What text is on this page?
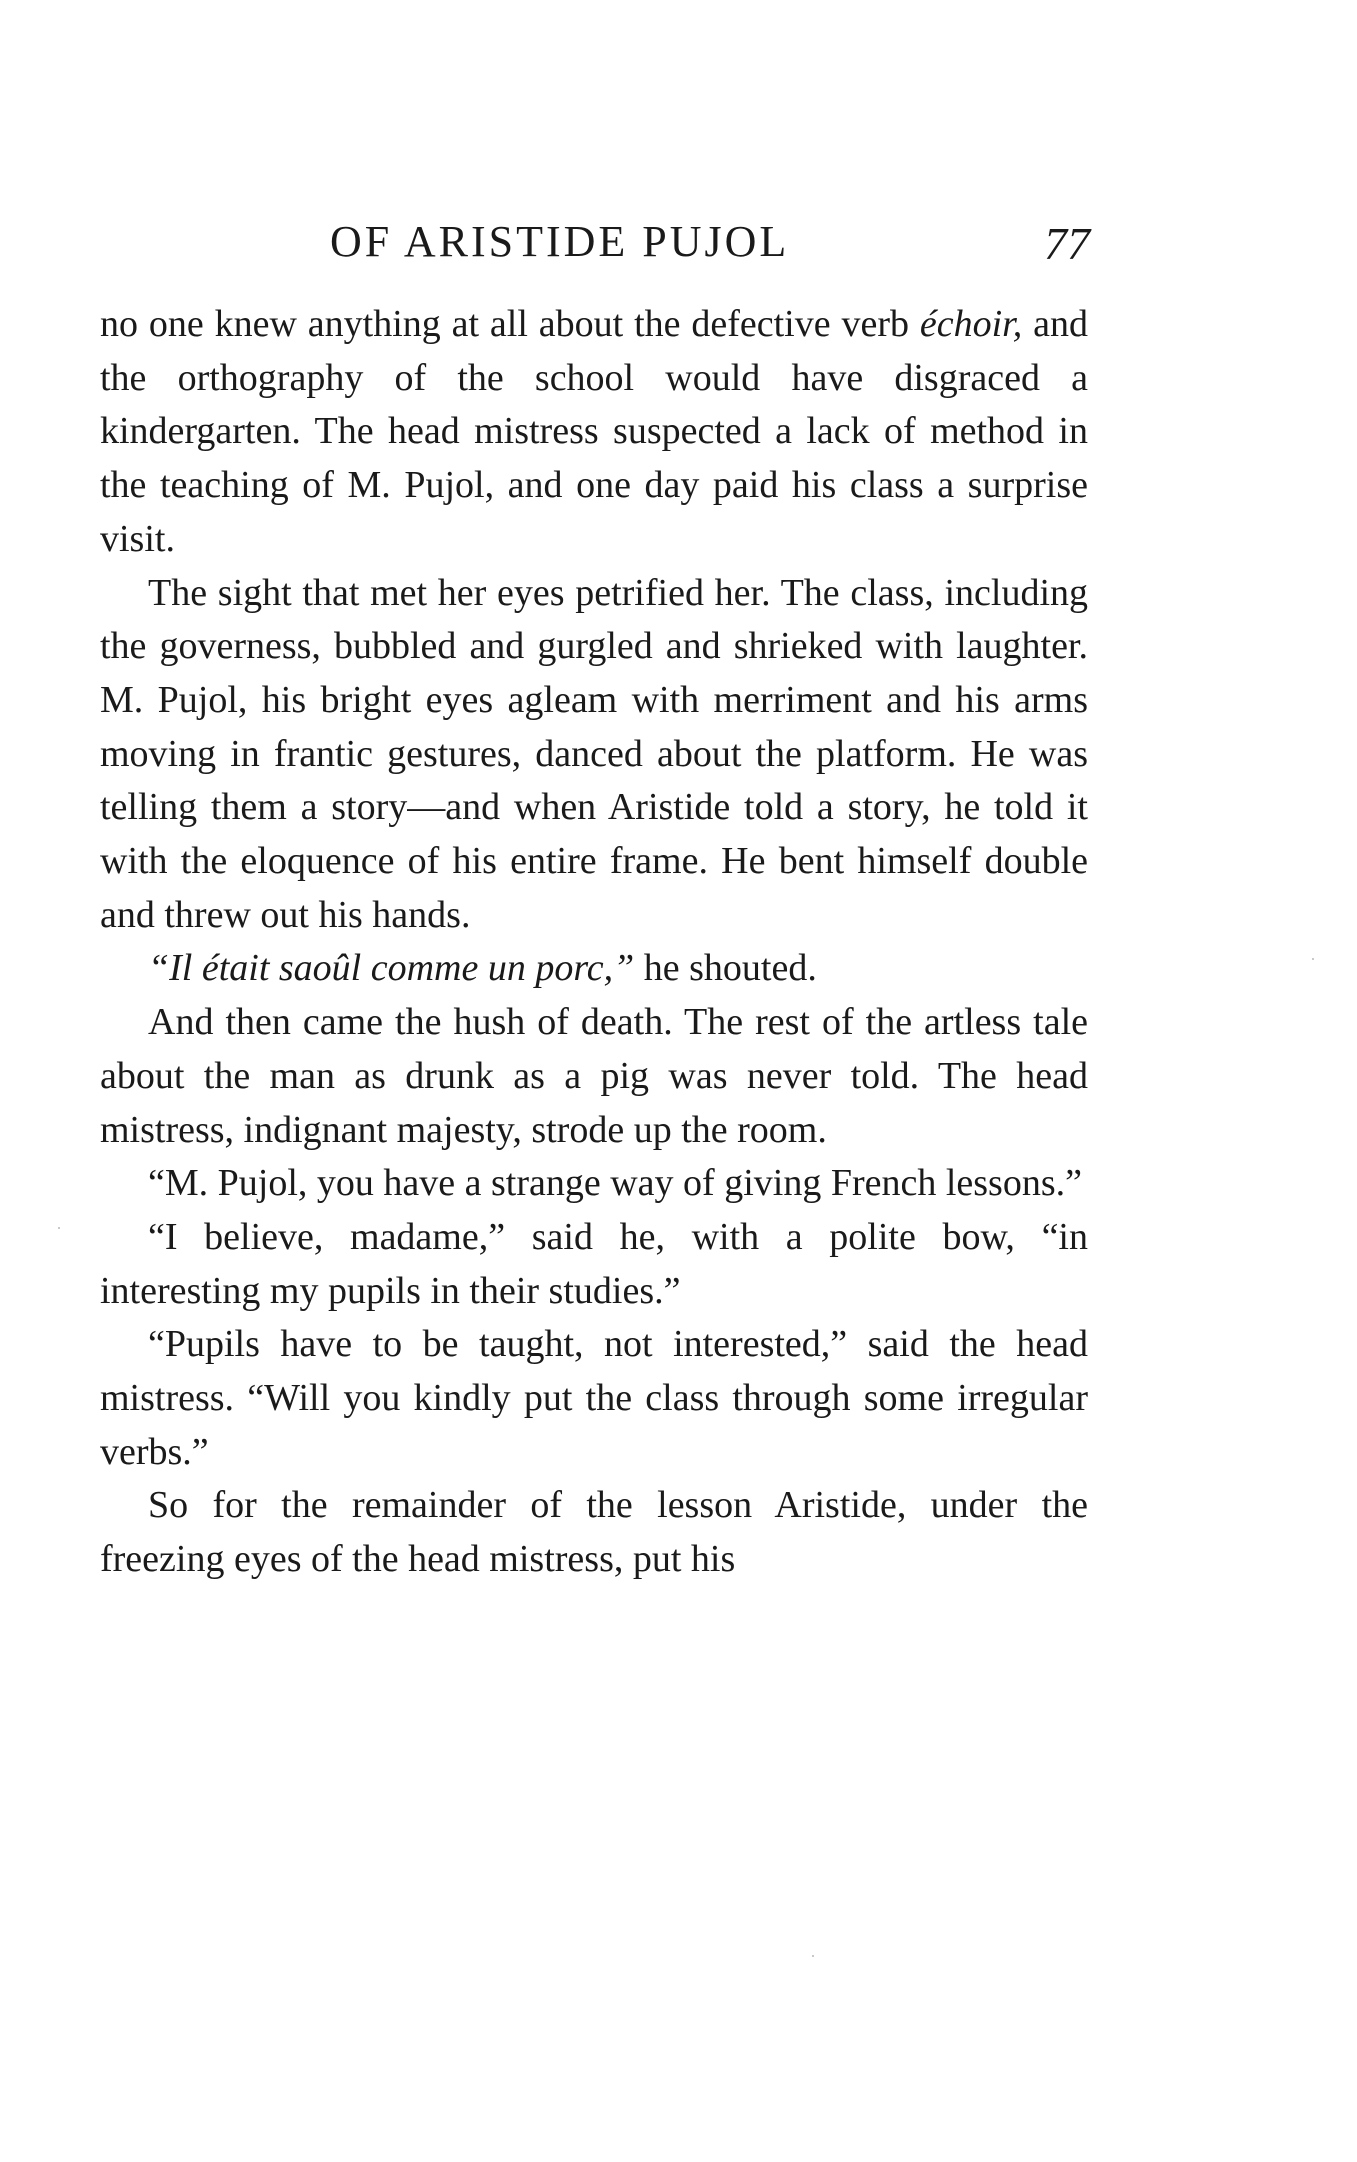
OF ARISTIDE PUJOL	77

no one knew anything at all about the defective verb échoir, and the orthography of the school would have disgraced a kindergarten. The head mistress suspected a lack of method in the teaching of M. Pujol, and one day paid his class a surprise visit.

The sight that met her eyes petrified her. The class, including the governess, bubbled and gurgled and shrieked with laughter. M. Pujol, his bright eyes agleam with merriment and his arms moving in frantic gestures, danced about the platform. He was telling them a story—and when Aristide told a story, he told it with the eloquence of his entire frame. He bent himself double and threw out his hands.

“Il était saoûl comme un porc,” he shouted.

And then came the hush of death. The rest of the artless tale about the man as drunk as a pig was never told. The head mistress, indignant majesty, strode up the room.

“M. Pujol, you have a strange way of giving French lessons.”

“I believe, madame,” said he, with a polite bow, “in interesting my pupils in their studies.”

“Pupils have to be taught, not interested,” said the head mistress. “Will you kindly put the class through some irregular verbs.”

So for the remainder of the lesson Aristide, under the freezing eyes of the head mistress, put his
